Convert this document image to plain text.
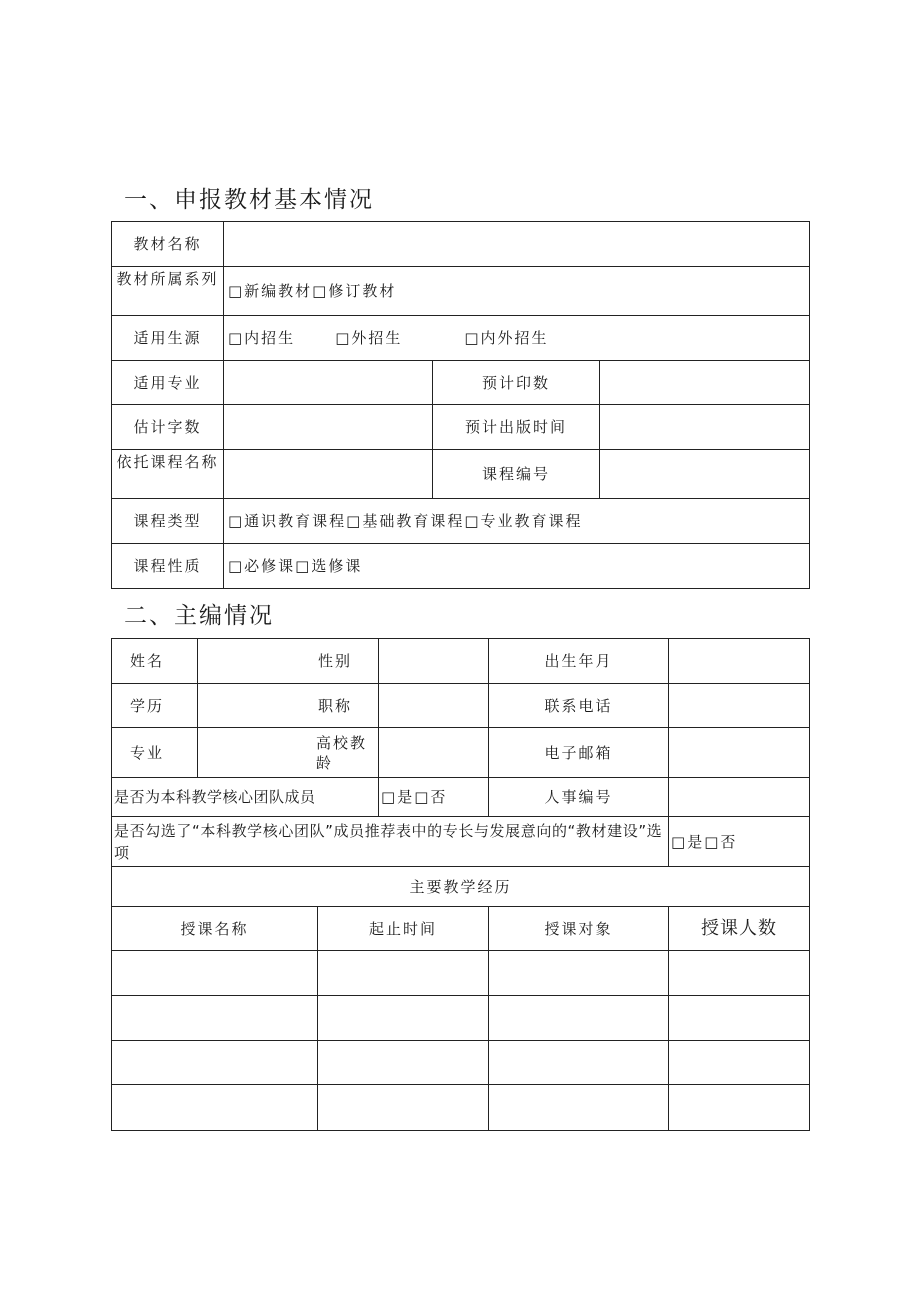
一、申报教材基本情况
教材名称			
教材所属系列	□新编教材□修订教材		
适用生源	□内招生 □外招生 □内外招生		
适用专业		预计印数	
估计字数		预计出版时间	
依托课程名称		课程编号	
课程类型	□通识教育课程□基础教育课程□专业教育课程		
课程性质	□必修课□选修课		
二、主编情况
姓名	性别			出生年月	
学历	职称			联系电话	
专业	高校教龄			电子邮箱	
是否为本科教学核心团队成员			□是□否	人事编号	
是否勾选了“本科教学核心团队”成员推荐表中的专长与发展意向的“教材建设”选项					□是□否
主要教学经历					
授课名称		起止时间		授课对象	授课人数
